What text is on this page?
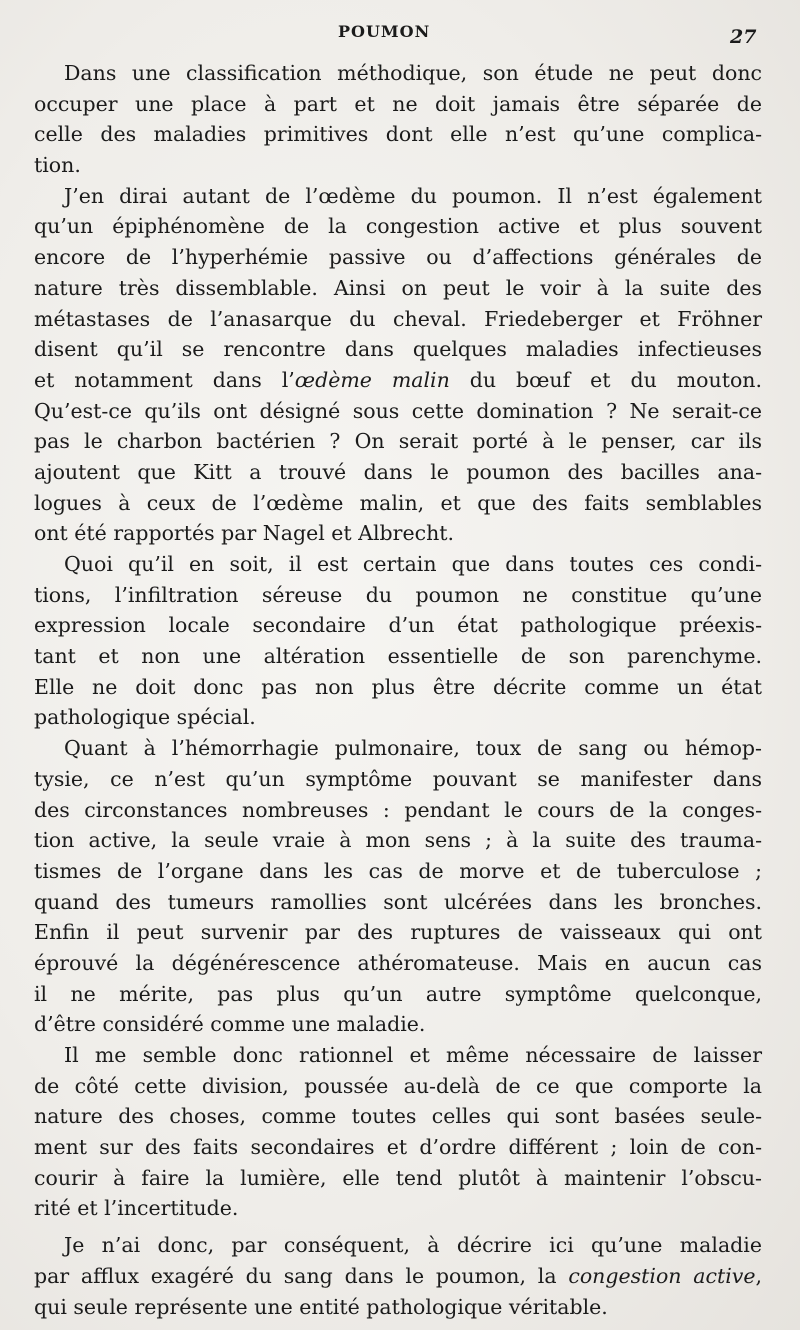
POUMON	27
Dans une classification méthodique, son étude ne peut donc
occuper une place à part et ne doit jamais être séparée de
celle des maladies primitives dont elle n’est qu’une complica-
tion.
J’en dirai autant de l’œdème du poumon. Il n’est également
qu’un épiphénomène de la congestion active et plus souvent
encore de l’hyperhémie passive ou d’affections générales de
nature très dissemblable. Ainsi on peut le voir à la suite des
métastases de l’anasarque du cheval. Friedeberger et Fröhner
disent qu’il se rencontre dans quelques maladies infectieuses
et notamment dans l’œdème malin du bœuf et du mouton.
Qu’est-ce qu’ils ont désigné sous cette domination ? Ne serait-ce
pas le charbon bactérien ? On serait porté à le penser, car ils
ajoutent que Kitt a trouvé dans le poumon des bacilles ana-
logues à ceux de l’œdème malin, et que des faits semblables
ont été rapportés par Nagel et Albrecht.
Quoi qu’il en soit, il est certain que dans toutes ces condi-
tions, l’infiltration séreuse du poumon ne constitue qu’une
expression locale secondaire d’un état pathologique préexis-
tant et non une altération essentielle de son parenchyme.
Elle ne doit donc pas non plus être décrite comme un état
pathologique spécial.
Quant à l’hémorrhagie pulmonaire, toux de sang ou hémop-
tysie, ce n’est qu’un symptôme pouvant se manifester dans
des circonstances nombreuses : pendant le cours de la conges-
tion active, la seule vraie à mon sens ; à la suite des trauma-
tismes de l’organe dans les cas de morve et de tuberculose ;
quand des tumeurs ramollies sont ulcérées dans les bronches.
Enfin il peut survenir par des ruptures de vaisseaux qui ont
éprouvé la dégénérescence athéromateuse. Mais en aucun cas
il ne mérite, pas plus qu’un autre symptôme quelconque,
d’être considéré comme une maladie.
Il me semble donc rationnel et même nécessaire de laisser
de côté cette division, poussée au-delà de ce que comporte la
nature des choses, comme toutes celles qui sont basées seule-
ment sur des faits secondaires et d’ordre différent ; loin de con-
courir à faire la lumière, elle tend plutôt à maintenir l’obscu-
rité et l’incertitude.
Je n’ai donc, par conséquent, à décrire ici qu’une maladie
par afflux exagéré du sang dans le poumon, la congestion active,
qui seule représente une entité pathologique véritable.
